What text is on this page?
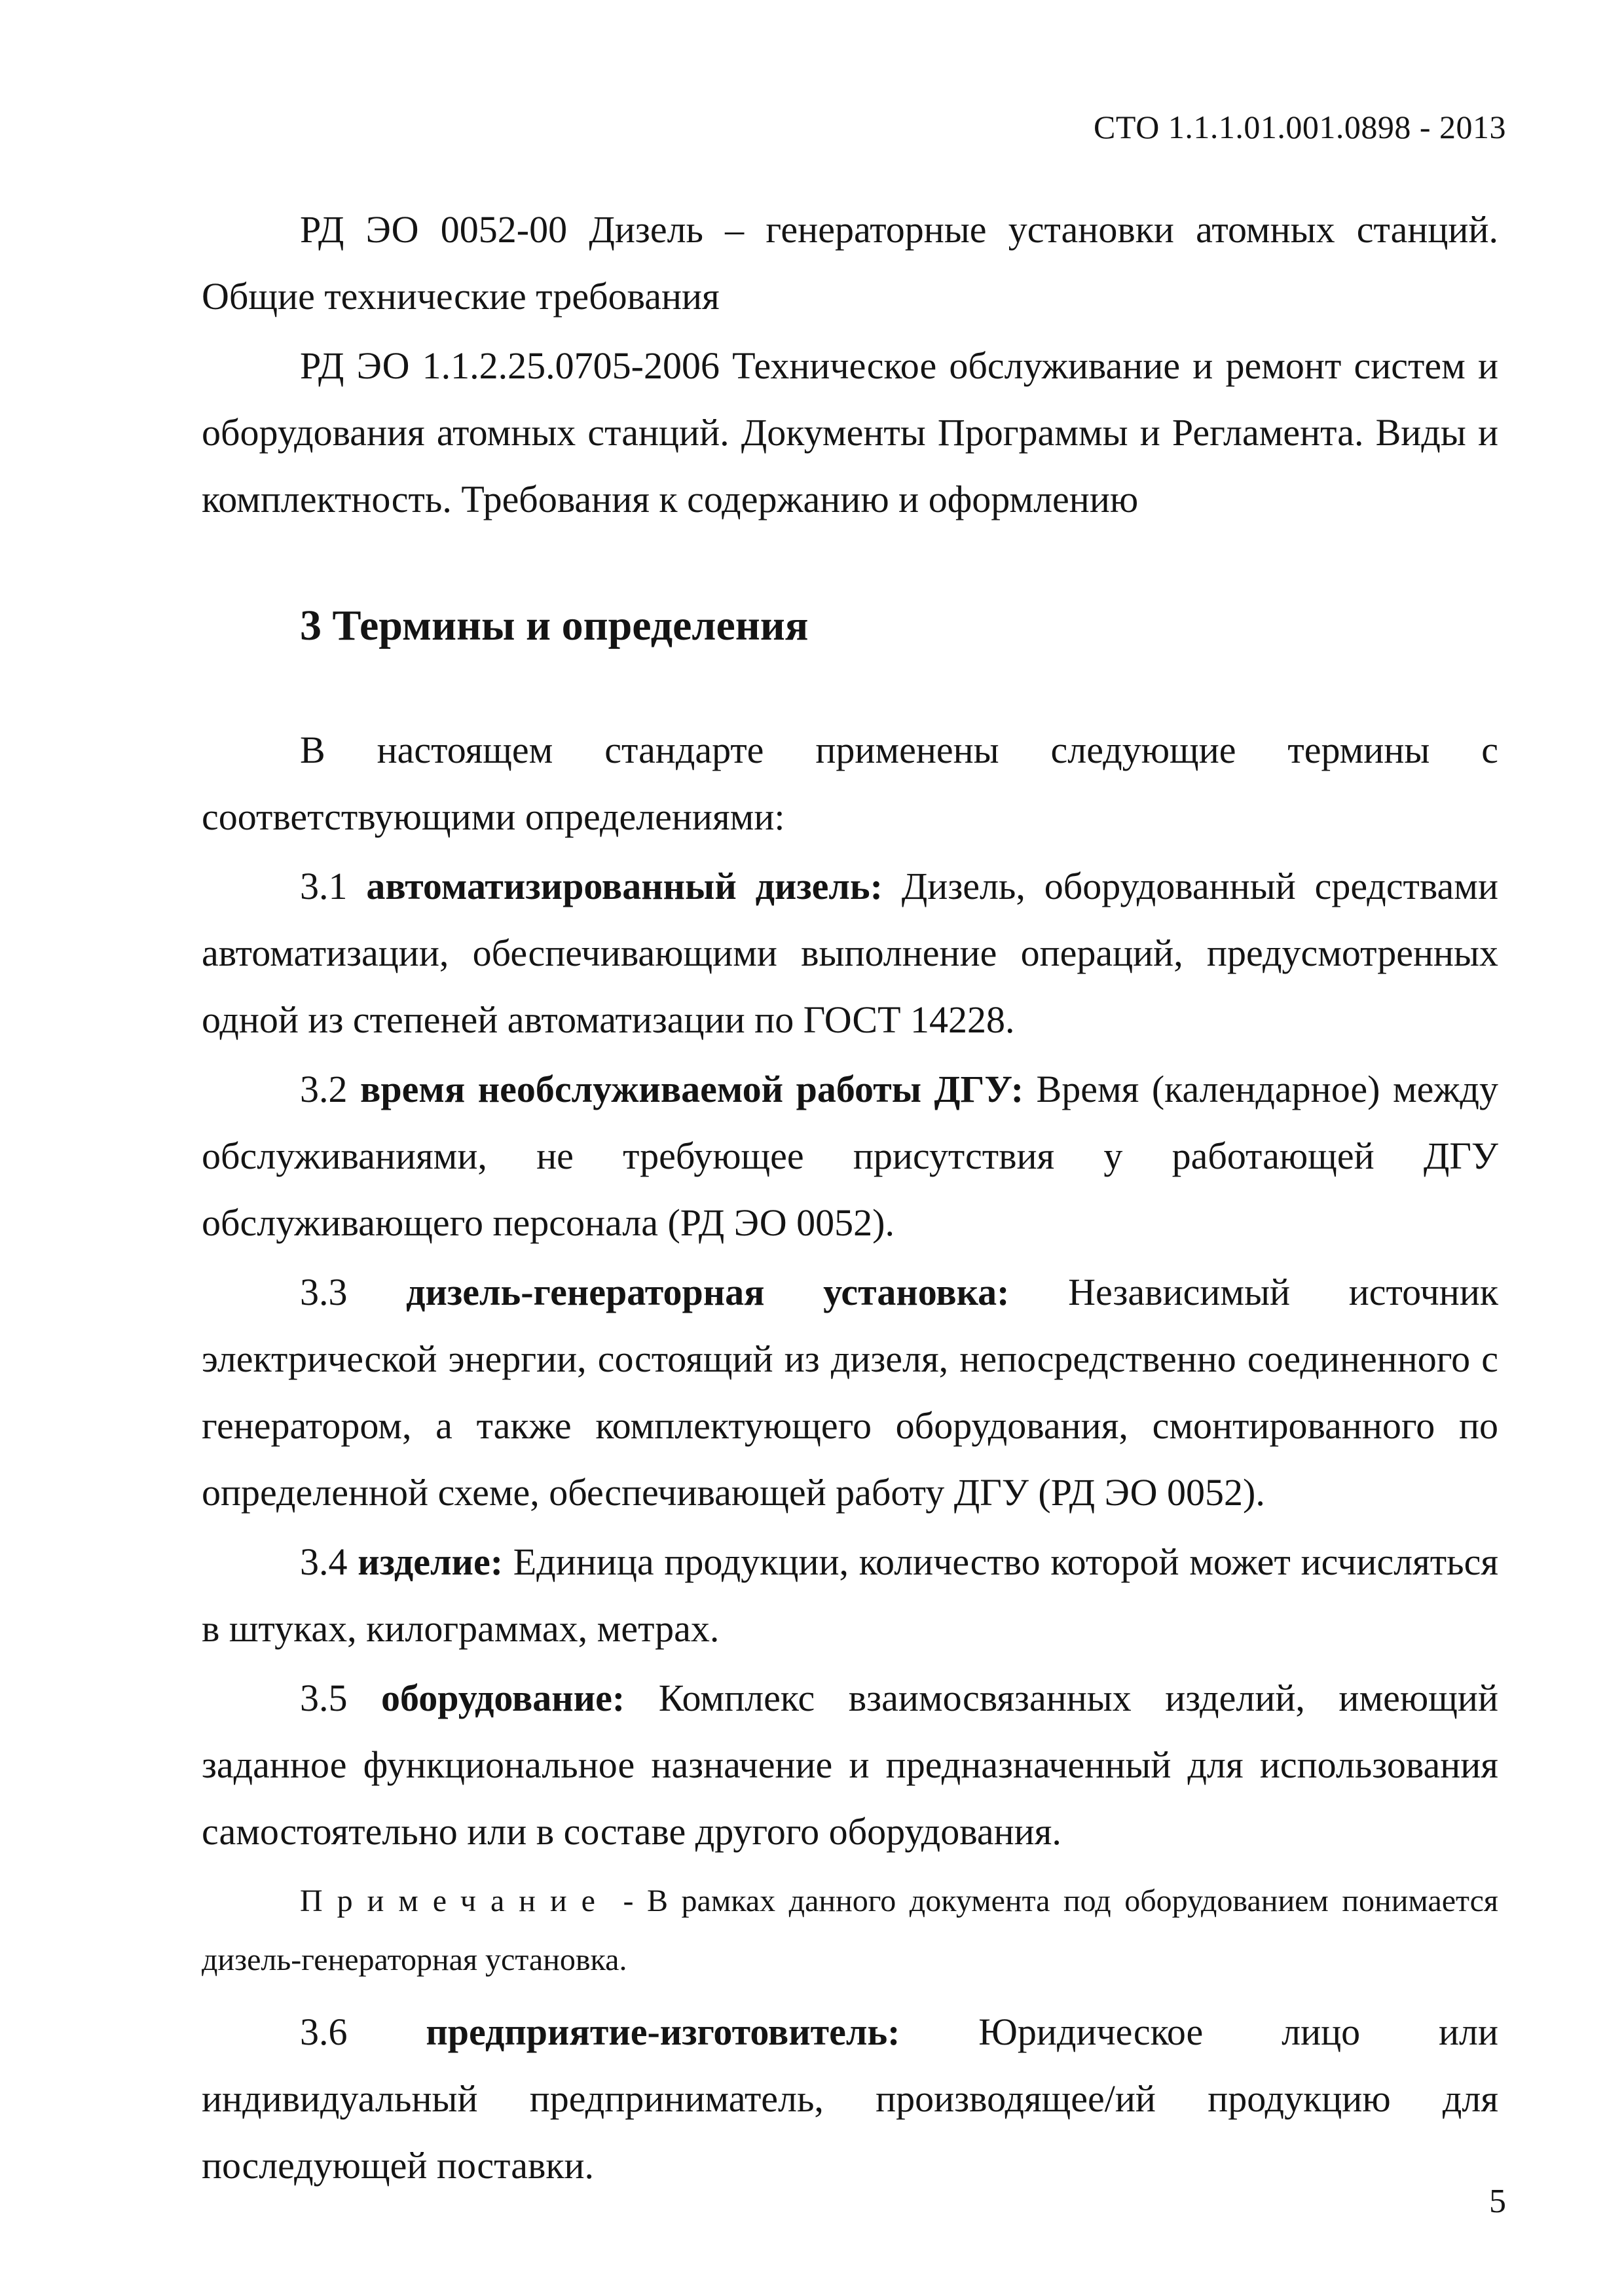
СТО 1.1.1.01.001.0898 - 2013

РД ЭО 0052-00 Дизель – генераторные установки атомных станций. Общие технические требования

РД ЭО 1.1.2.25.0705-2006 Техническое обслуживание и ремонт систем и оборудования атомных станций. Документы Программы и Регламента. Виды и комплектность. Требования к содержанию и оформлению

3 Термины и определения

В настоящем стандарте применены следующие термины с соответствующими определениями:

3.1 автоматизированный дизель: Дизель, оборудованный средствами автоматизации, обеспечивающими выполнение операций, предусмотренных одной из степеней автоматизации по ГОСТ 14228.

3.2 время необслуживаемой работы ДГУ: Время (календарное) между обслуживаниями, не требующее присутствия у работающей ДГУ обслуживающего персонала (РД ЭО 0052).

3.3 дизель-генераторная установка: Независимый источник электрической энергии, состоящий из дизеля, непосредственно соединенного с генератором, а также комплектующего оборудования, смонтированного по определенной схеме, обеспечивающей работу ДГУ (РД ЭО 0052).

3.4 изделие: Единица продукции, количество которой может исчисляться в штуках, килограммах, метрах.

3.5 оборудование: Комплекс взаимосвязанных изделий, имеющий заданное функциональное назначение и предназначенный для использования самостоятельно или в составе другого оборудования.

Примечание - В рамках данного документа под оборудованием понимается дизель-генераторная установка.

3.6 предприятие-изготовитель: Юридическое лицо или индивидуальный предприниматель, производящее/ий продукцию для последующей поставки.

5
